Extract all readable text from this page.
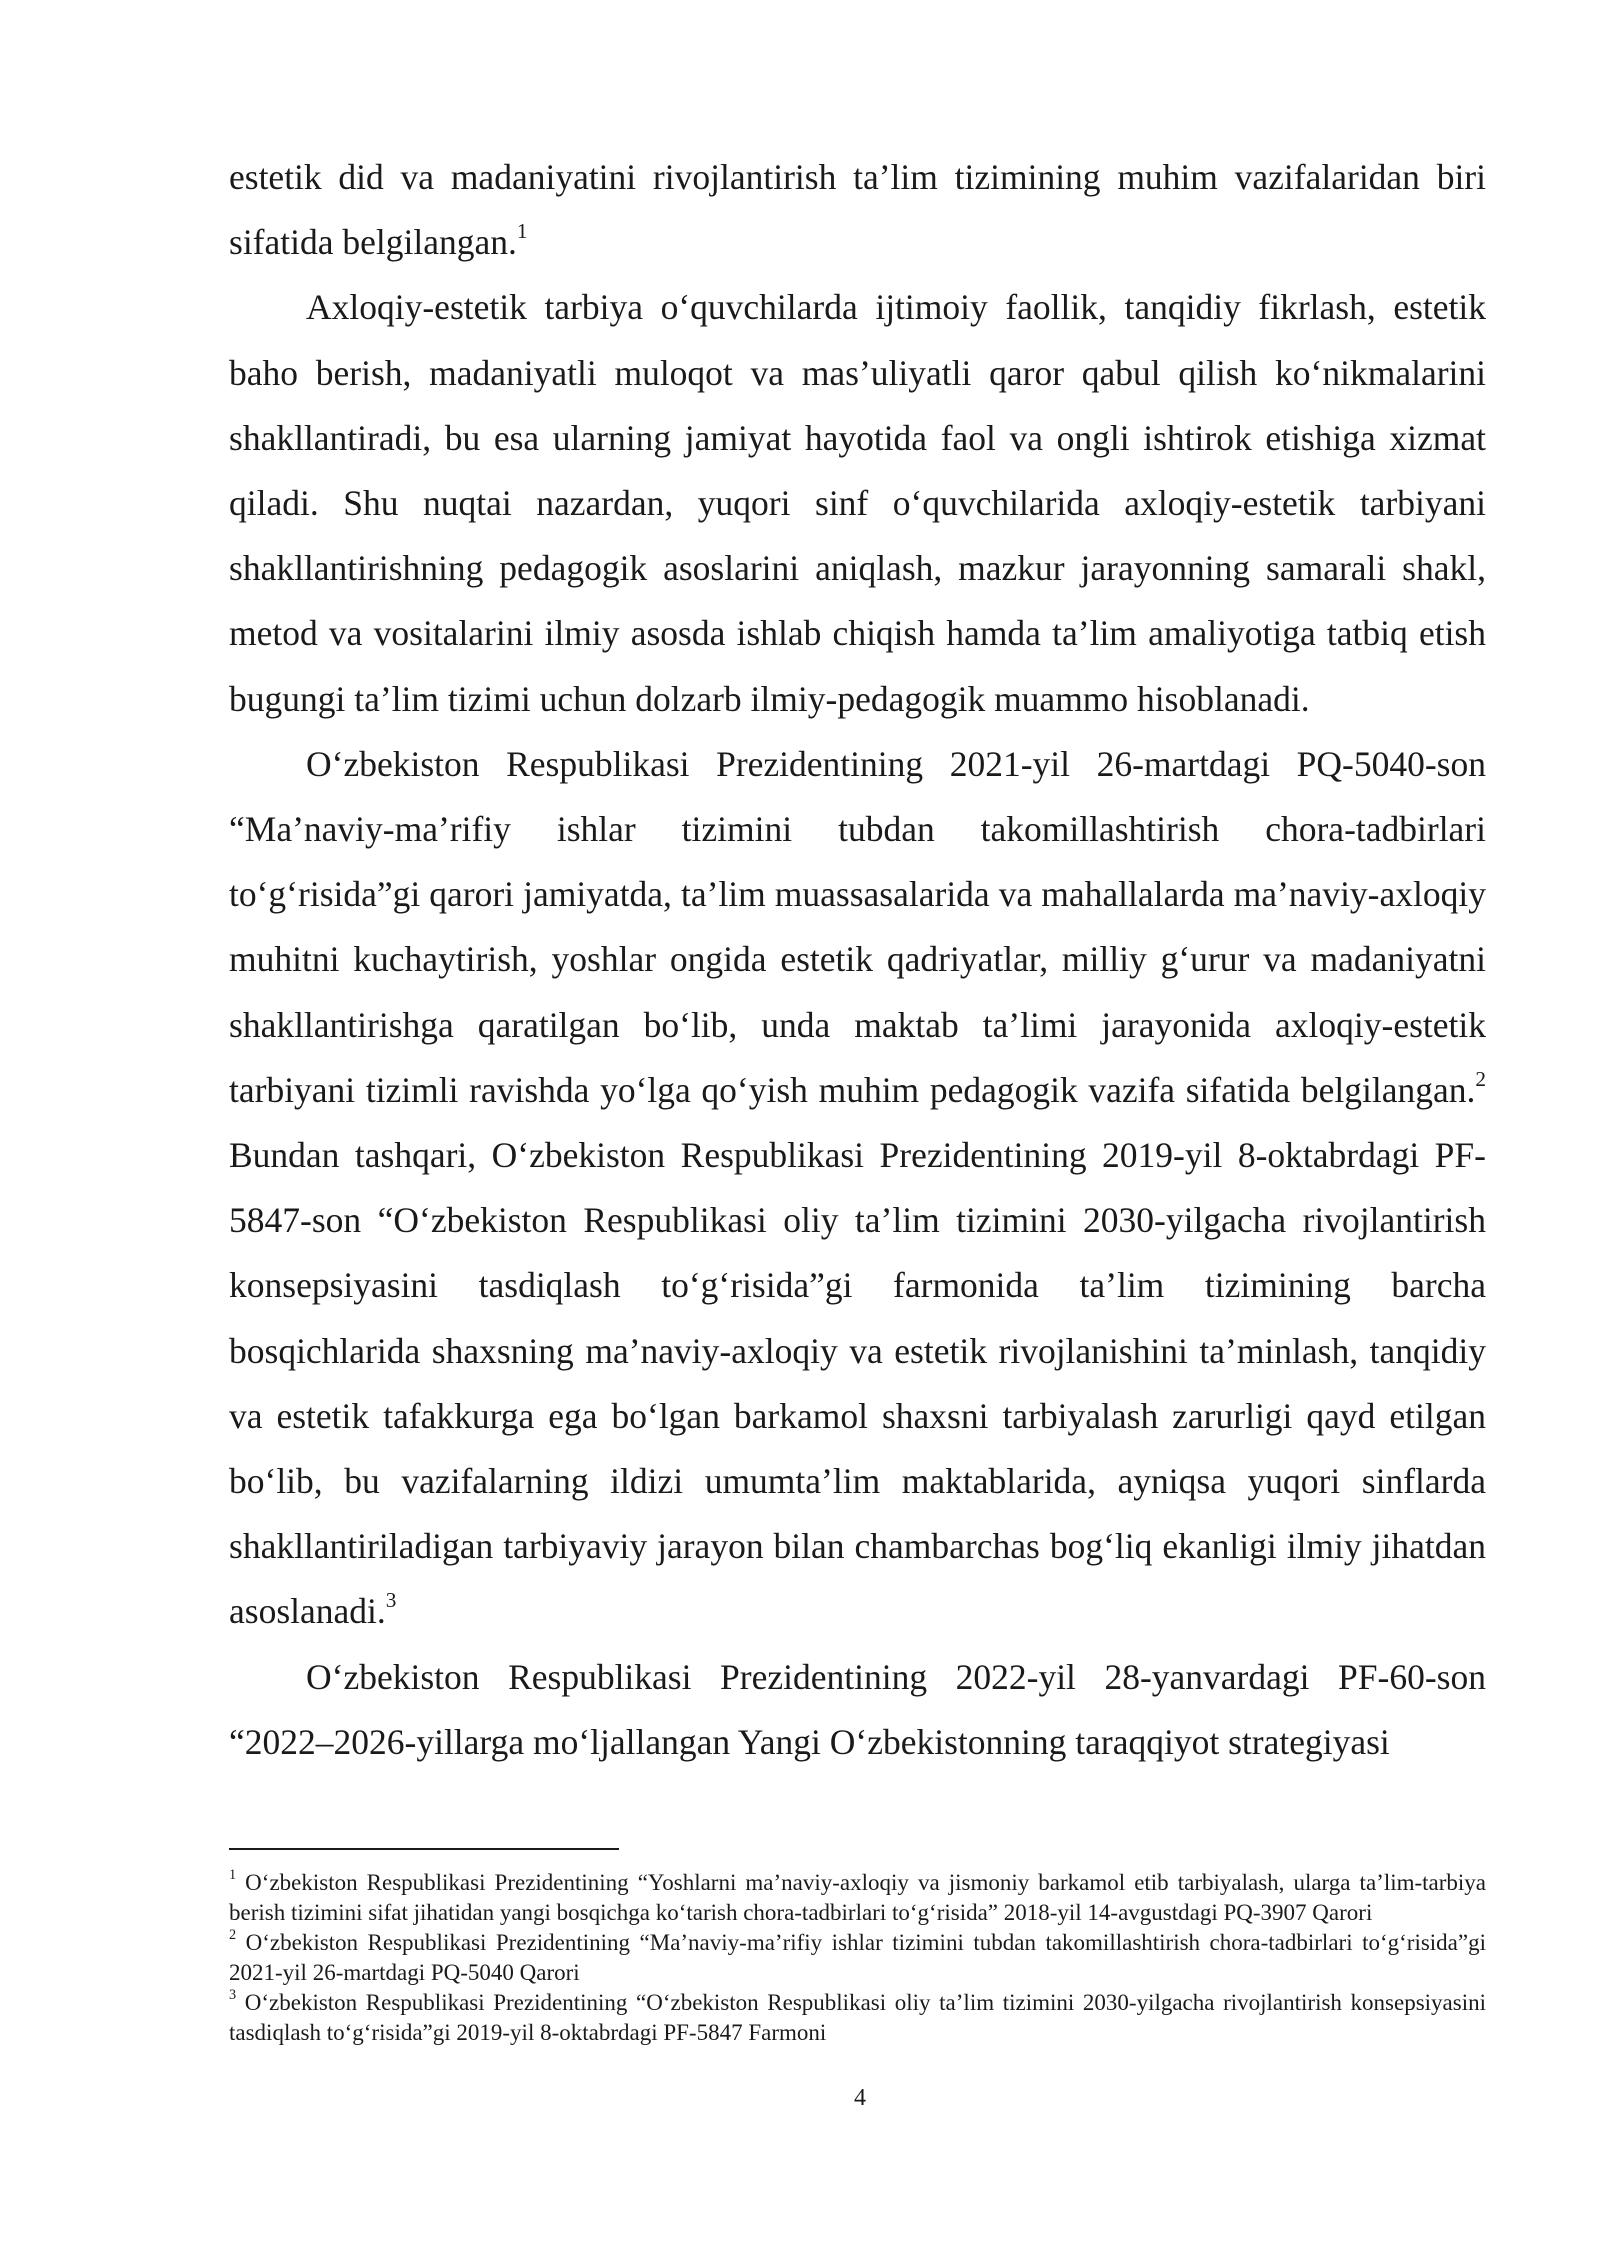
estetik did va madaniyatini rivojlantirish ta’lim tizimining muhim vazifalaridan biri sifatida belgilangan.$^1$

Axloqiy-estetik tarbiya o‘quvchilarda ijtimoiy faollik, tanqidiy fikrlash, estetik baho berish, madaniyatli muloqot va mas’uliyatli qaror qabul qilish ko‘nikmalarini shakllantiradi, bu esa ularning jamiyat hayotida faol va ongli ishtirok etishiga xizmat qiladi. Shu nuqtai nazardan, yuqori sinf o‘quvchilarida axloqiy-estetik tarbiyani shakllantirishning pedagogik asoslarini aniqlash, mazkur jarayonning samarali shakl, metod va vositalarini ilmiy asosda ishlab chiqish hamda ta’lim amaliyotiga tatbiq etish bugungi ta’lim tizimi uchun dolzarb ilmiy-pedagogik muammo hisoblanadi.

O‘zbekiston Respublikasi Prezidentining 2021-yil 26-martdagi PQ-5040-son “Ma’naviy-ma’rifiy ishlar tizimini tubdan takomillashtirish chora-tadbirlari to‘g‘risida”gi qarori jamiyatda, ta’lim muassasalarida va mahallalarda ma’naviy-axloqiy muhitni kuchaytirish, yoshlar ongida estetik qadriyatlar, milliy g‘urur va madaniyatni shakllantirishga qaratilgan bo‘lib, unda maktab ta’limi jarayonida axloqiy-estetik tarbiyani tizimli ravishda yo‘lga qo‘yish muhim pedagogik vazifa sifatida belgilangan.$^2$ Bundan tashqari, O‘zbekiston Respublikasi Prezidentining 2019-yil 8-oktabrdagi PF-5847-son “O‘zbekiston Respublikasi oliy ta’lim tizimini 2030-yilgacha rivojlantirish konsepsiyasini tasdiqlash to‘g‘risida”gi farmonida ta’lim tizimining barcha bosqichlarida shaxsning ma’naviy-axloqiy va estetik rivojlanishini ta’minlash, tanqidiy va estetik tafakkurga ega bo‘lgan barkamol shaxsni tarbiyalash zarurligi qayd etilgan bo‘lib, bu vazifalarning ildizi umumta’lim maktablarida, ayniqsa yuqori sinflarda shakllantiriladigan tarbiyaviy jarayon bilan chambarchas bog‘liq ekanligi ilmiy jihatdan asoslanadi.$^3$

O‘zbekiston Respublikasi Prezidentining 2022-yil 28-yanvardagi PF-60-son “2022–2026-yillarga mo‘ljallangan Yangi O‘zbekistonning taraqqiyot strategiyasi

$^1$ O‘zbekiston Respublikasi Prezidentining “Yoshlarni ma’naviy-axloqiy va jismoniy barkamol etib tarbiyalash, ularga ta’lim-tarbiya berish tizimini sifat jihatidan yangi bosqichga ko‘tarish chora-tadbirlari to‘g‘risida” 2018-yil 14-avgustdagi PQ-3907 Qarori

$^2$ O‘zbekiston Respublikasi Prezidentining “Ma’naviy-ma’rifiy ishlar tizimini tubdan takomillashtirish chora-tadbirlari to‘g‘risida”gi 2021-yil 26-martdagi PQ-5040 Qarori

$^3$ O‘zbekiston Respublikasi Prezidentining “O‘zbekiston Respublikasi oliy ta’lim tizimini 2030-yilgacha rivojlantirish konsepsiyasini tasdiqlash to‘g‘risida”gi 2019-yil 8-oktabrdagi PF-5847 Farmoni

4
